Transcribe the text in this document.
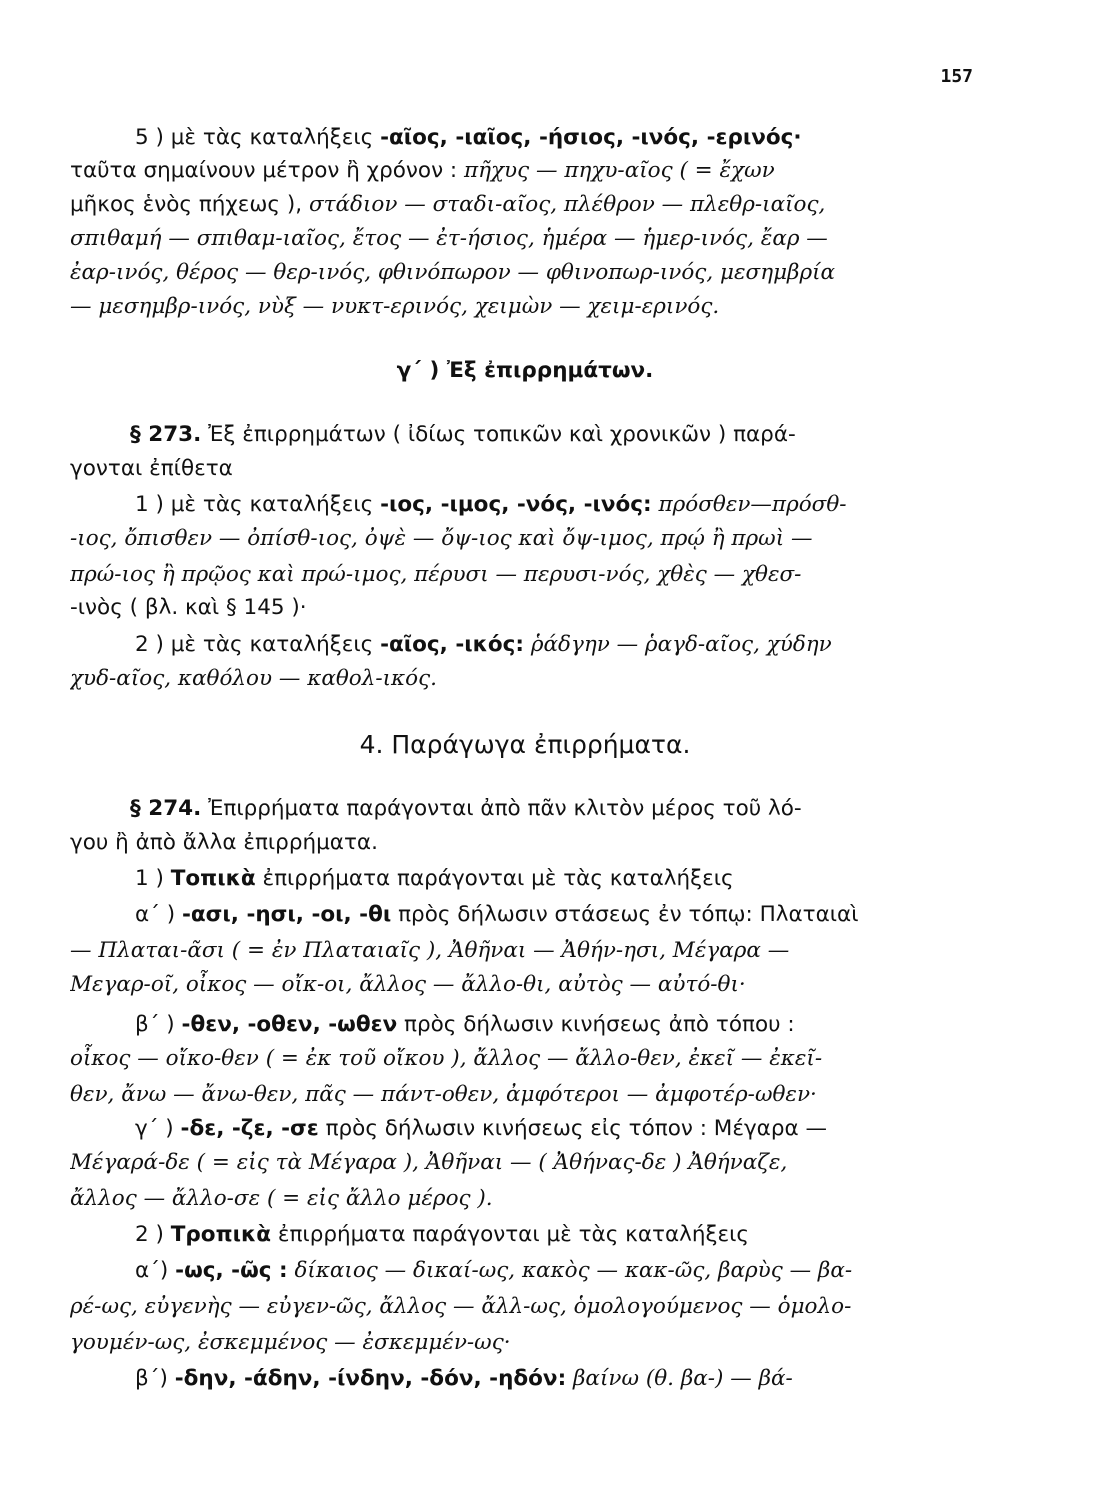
157
5 ) μὲ τὰς καταλήξεις -αῖος, -ιαῖος, -ήσιος, -ινός, -ερινός·
ταῦτα σημαίνουν μέτρον ἢ χρόνον : πῆχυς — πηχυ-αῖος ( = ἔχων
μῆκος ἑνὸς πήχεως ), στάδιον — σταδι-αῖος, πλέθρον — πλεθρ-ιαῖος,
σπιθαμή — σπιθαμ-ιαῖος, ἔτος — ἐτ-ήσιος, ἡμέρα — ἡμερ-ινός, ἔαρ —
ἐαρ-ινός, θέρος — θερ-ινός, φθινόπωρον — φθινοπωρ-ινός, μεσημβρία
— μεσημβρ-ινός, νὺξ — νυκτ-ερινός, χειμὼν — χειμ-ερινός.
γ´ ) Ἐξ ἐπιρρημάτων.
§ 273. Ἐξ ἐπιρρημάτων ( ἰδίως τοπικῶν καὶ χρονικῶν ) παρά-
γονται ἐπίθετα
1 ) μὲ τὰς καταλήξεις -ιος, -ιμος, -νός, -ινός: πρόσθεν—πρόσθ-
-ιος, ὄπισθεν — ὀπίσθ-ιος, ὀψὲ — ὄψ-ιος καὶ ὄψ-ιμος, πρῴ ἢ πρωὶ —
πρώ-ιος ἢ πρῷος καὶ πρώ-ιμος, πέρυσι — περυσι-νός, χθὲς — χθεσ-
-ινὸς ( βλ. καὶ § 145 )·
2 ) μὲ τὰς καταλήξεις -αῖος, -ικός: ῥάδγην — ῥαγδ-αῖος, χύδην
χυδ-αῖος, καθόλου — καθολ-ικός.
4. Παράγωγα ἐπιρρήματα.
§ 274. Ἐπιρρήματα παράγονται ἀπὸ πᾶν κλιτὸν μέρος τοῦ λό-
γου ἢ ἀπὸ ἄλλα ἐπιρρήματα.
1 ) Τοπικὰ ἐπιρρήματα παράγονται μὲ τὰς καταλήξεις
α´ ) -ασι, -ησι, -οι, -θι πρὸς δήλωσιν στάσεως ἐν τόπῳ: Πλαταιαὶ
— Πλαται-ᾶσι ( = ἐν Πλαταιαῖς ), Ἀθῆναι — Ἀθήν-ησι, Μέγαρα —
Μεγαρ-οῖ, οἶκος — οἴκ-οι, ἄλλος — ἄλλο-θι, αὐτὸς — αὐτό-θι·
β´ ) -θεν, -οθεν, -ωθεν πρὸς δήλωσιν κινήσεως ἀπὸ τόπου :
οἶκος — οἴκο-θεν ( = ἐκ τοῦ οἴκου ), ἄλλος — ἄλλο-θεν, ἐκεῖ — ἐκεῖ-
θεν, ἄνω — ἄνω-θεν, πᾶς — πάντ-οθεν, ἀμφότεροι — ἀμφοτέρ-ωθεν·
γ´ ) -δε, -ζε, -σε πρὸς δήλωσιν κινήσεως εἰς τόπον : Μέγαρα —
Μέγαρά-δε ( = εἰς τὰ Μέγαρα ), Ἀθῆναι — ( Ἀθήνας-δε ) Ἀθήναζε,
ἄλλος — ἄλλο-σε ( = εἰς ἄλλο μέρος ).
2 ) Τροπικὰ ἐπιρρήματα παράγονται μὲ τὰς καταλήξεις
α´) -ως, -ῶς : δίκαιος — δικαί-ως, κακὸς — κακ-ῶς, βαρὺς — βα-
ρέ-ως, εὐγενὴς — εὐγεν-ῶς, ἄλλος — ἄλλ-ως, ὁμολογούμενος — ὁμολο-
γουμέν-ως, ἐσκεμμένος — ἐσκεμμέν-ως·
β´) -δην, -άδην, -ίνδην, -δόν, -ηδόν: βαίνω (θ. βα-) — βά-
